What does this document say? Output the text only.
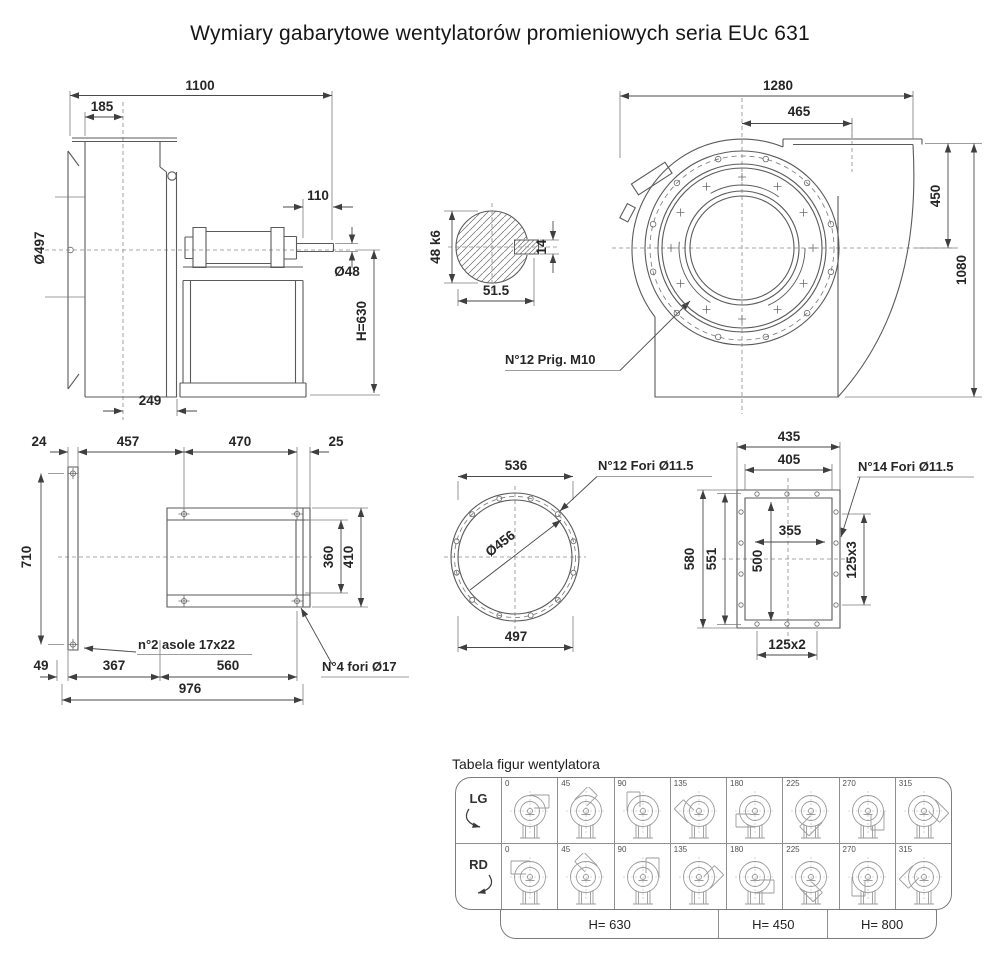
Wymiary gabarytowe wentylatorów promieniowych seria EUc 631
1100
185
110
Ø48
Ø497
H=630
249
48 k6	14
51.5
N°12 Prig. M10
1280
465
450
1080
24	457	470	25
710	360 410
49	367	560
976
n°2 asole 17x22
N°4 fori Ø17
536
497
Ø456
N°12 Fori Ø11.5
435
405
355
500
580 551	125x3
125x2
N°14 Fori Ø11.5
Tabela figur wentylatora
LG
0	45	90	135	180	225	270	315
RD
0	45	90	135	180	225	270	315
H= 630	H= 450	H= 800
